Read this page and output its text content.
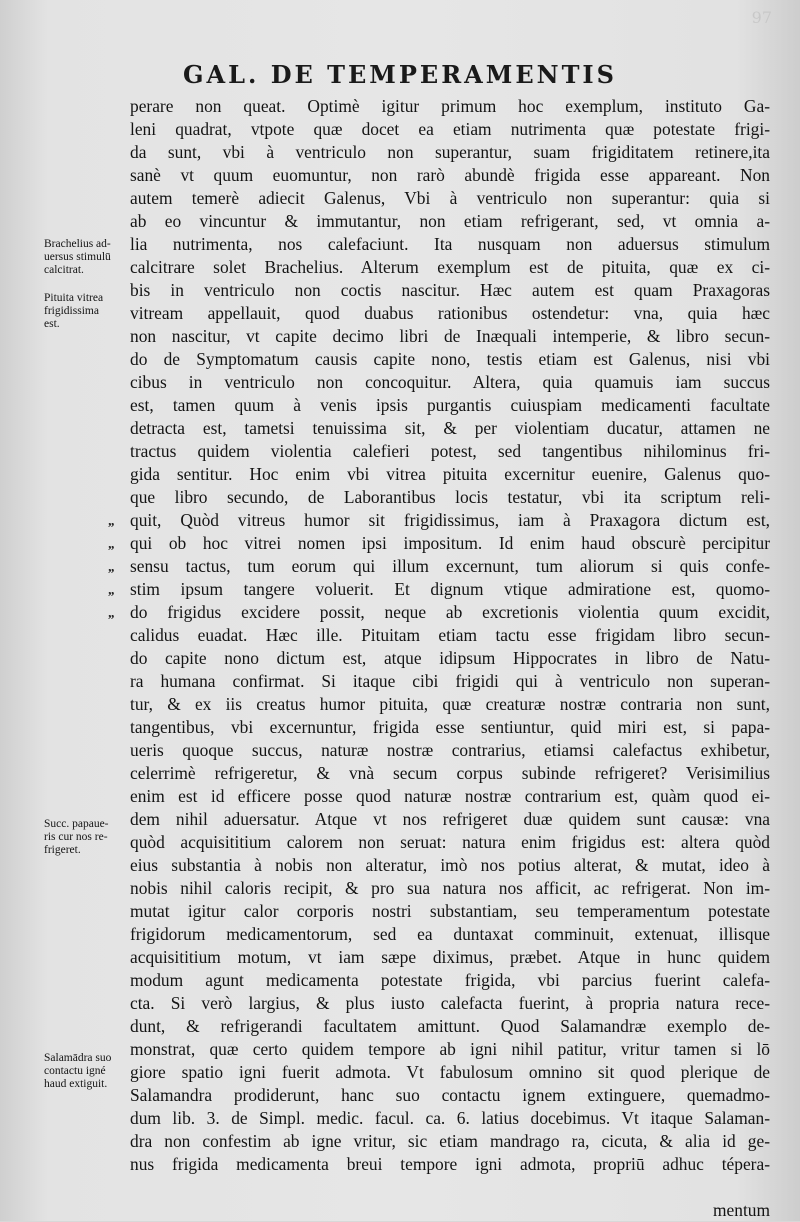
97
GAL. DE TEMPERAMENTIS
Brachelius ad-
uersus stimulū
calcitrat.
Pituita vitrea
frigidissima
est.
Succ. papaue-
ris cur nos re-
frigeret.
Salamādra suo
contactu igné
haud extiguit.
perare non queat. Optimè igitur primum hoc exemplum, instituto Ga-
leni quadrat, vtpote quæ docet ea etiam nutrimenta quæ potestate frigi-
da sunt, vbi à ventriculo non superantur, suam frigiditatem retinere,ita
sanè vt quum euomuntur, non rarò abundè frigida esse appareant. Non
autem temerè adiecit Galenus, Vbi à ventriculo non superantur: quia si
ab eo vincuntur & immutantur, non etiam refrigerant, sed, vt omnia a-
lia nutrimenta, nos calefaciunt. Ita nusquam non aduersus stimulum
calcitrare solet Brachelius. Alterum exemplum est de pituita, quæ ex ci-
bis in ventriculo non coctis nascitur. Hæc autem est quam Praxagoras
vitream appellauit, quod duabus rationibus ostendetur: vna, quia hæc
non nascitur, vt capite decimo libri de Inæquali intemperie, & libro secun-
do de Symptomatum causis capite nono, testis etiam est Galenus, nisi vbi
cibus in ventriculo non concoquitur. Altera, quia quamuis iam succus
est, tamen quum à venis ipsis purgantis cuiuspiam medicamenti facultate
detracta est, tametsi tenuissima sit, & per violentiam ducatur, attamen ne
tractus quidem violentia calefieri potest, sed tangentibus nihilominus fri-
gida sentitur. Hoc enim vbi vitrea pituita excernitur euenire, Galenus quo-
que libro secundo, de Laborantibus locis testatur, vbi ita scriptum reli-
„ quit, Quòd vitreus humor sit frigidissimus, iam à Praxagora dictum est,
„ qui ob hoc vitrei nomen ipsi impositum. Id enim haud obscurè percipitur
„ sensu tactus, tum eorum qui illum excernunt, tum aliorum si quis confe-
„ stim ipsum tangere voluerit. Et dignum vtique admiratione est, quomo-
„ do frigidus excidere possit, neque ab excretionis violentia quum excidit,
calidus euadat. Hæc ille. Pituitam etiam tactu esse frigidam libro secun-
do capite nono dictum est, atque idipsum Hippocrates in libro de Natu-
ra humana confirmat. Si itaque cibi frigidi qui à ventriculo non superan-
tur, & ex iis creatus humor pituita, quæ creaturæ nostræ contraria non sunt,
tangentibus, vbi excernuntur, frigida esse sentiuntur, quid miri est, si papa-
ueris quoque succus, naturæ nostræ contrarius, etiamsi calefactus exhibetur,
celerrimè refrigeretur, & vnà secum corpus subinde refrigeret? Verisimilius
enim est id efficere posse quod naturæ nostræ contrarium est, quàm quod ei-
dem nihil aduersatur. Atque vt nos refrigeret duæ quidem sunt causæ: vna
quòd acquisititium calorem non seruat: natura enim frigidus est: altera quòd
eius substantia à nobis non alteratur, imò nos potius alterat, & mutat, ideo à
nobis nihil caloris recipit, & pro sua natura nos afficit, ac refrigerat. Non im-
mutat igitur calor corporis nostri substantiam, seu temperamentum potestate
frigidorum medicamentorum, sed ea duntaxat comminuit, extenuat, illisque
acquisititium motum, vt iam sæpe diximus, præbet. Atque in hunc quidem
modum agunt medicamenta potestate frigida, vbi parcius fuerint calefa-
cta. Si verò largius, & plus iusto calefacta fuerint, à propria natura rece-
dunt, & refrigerandi facultatem amittunt. Quod Salamandræ exemplo de-
monstrat, quæ certo quidem tempore ab igni nihil patitur, vritur tamen si lō
giore spatio igni fuerit admota. Vt fabulosum omnino sit quod plerique de
Salamandra prodiderunt, hanc suo contactu ignem extinguere, quemadmo-
dum lib. 3. de Simpl. medic. facul. ca. 6. latius docebimus. Vt itaque Salaman-
dra non confestim ab igne vritur, sic etiam mandrago ra, cicuta, & alia id ge-
nus frigida medicamenta breui tempore igni admota, propriū adhuc tépera-
mentum
